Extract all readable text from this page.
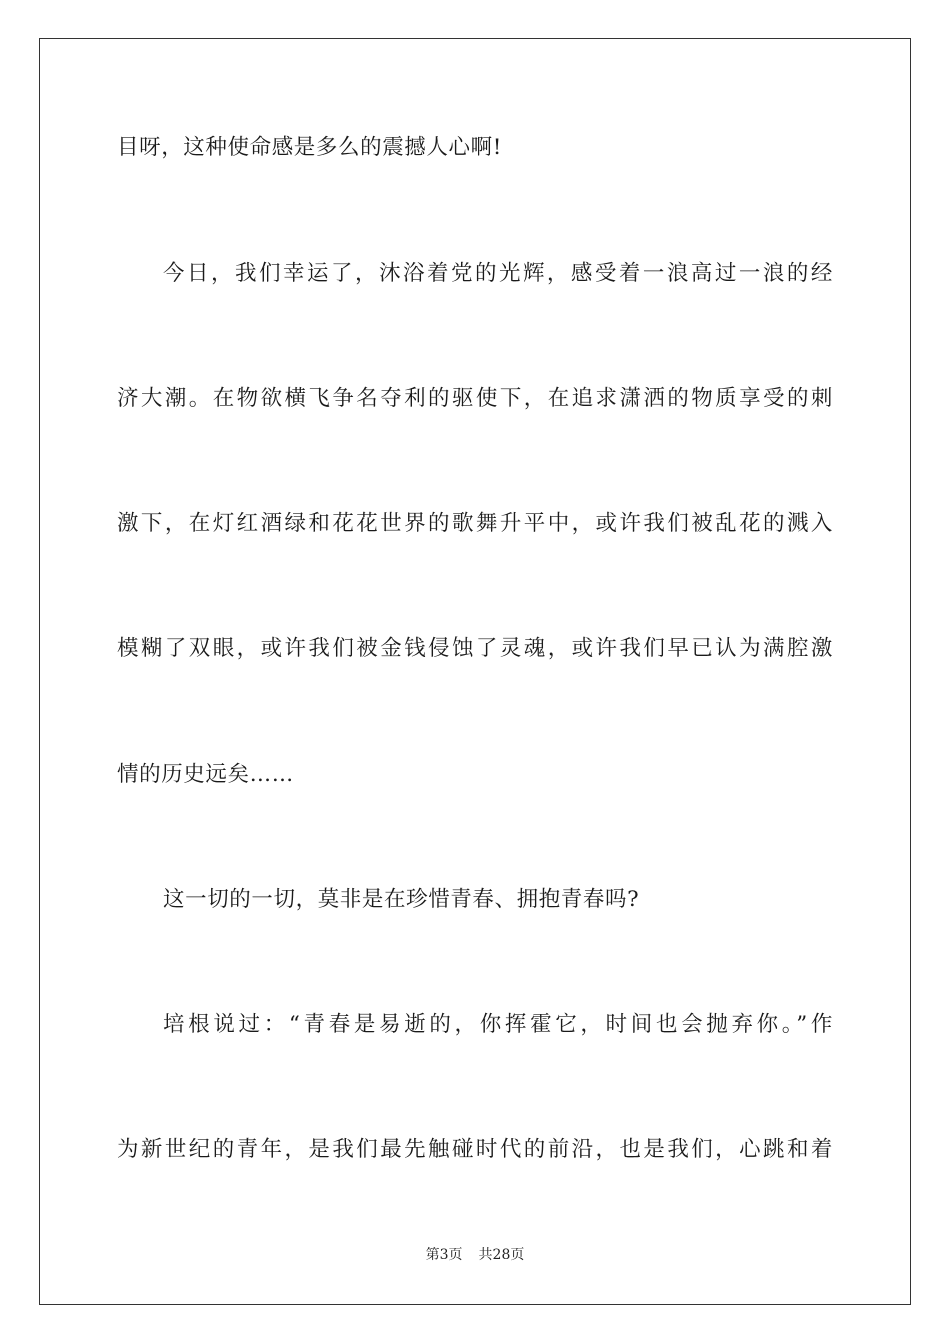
目呀，这种使命感是多么的震撼人心啊!
今日，我们幸运了，沐浴着党的光辉，感受着一浪高过一浪的经
济大潮。在物欲横飞争名夺利的驱使下，在追求潇洒的物质享受的刺
激下，在灯红酒绿和花花世界的歌舞升平中，或许我们被乱花的溅入
模糊了双眼，或许我们被金钱侵蚀了灵魂，或许我们早已认为满腔激
情的历史远矣……
这一切的一切，莫非是在珍惜青春、拥抱青春吗?
培根说过：“青春是易逝的，你挥霍它，时间也会抛弃你。”作
为新世纪的青年，是我们最先触碰时代的前沿，也是我们，心跳和着
第3页 共28页
